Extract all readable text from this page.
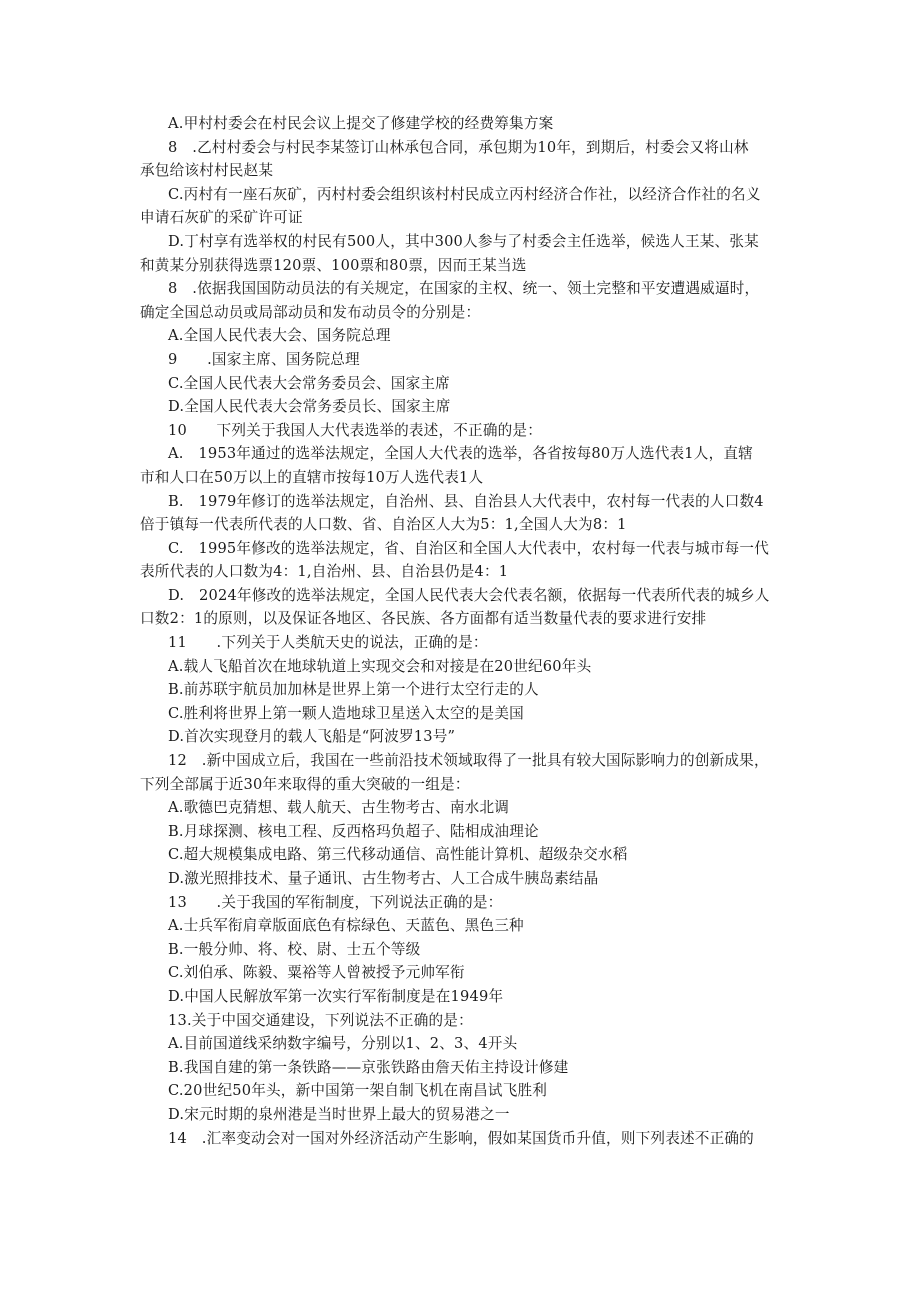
A.甲村村委会在村民会议上提交了修建学校的经费筹集方案
8　.乙村村委会与村民李某签订山林承包合同，承包期为10年，到期后，村委会又将山林
承包给该村村民赵某
C.丙村有一座石灰矿，丙村村委会组织该村村民成立丙村经济合作社，以经济合作社的名义
申请石灰矿的采矿许可证
D.丁村享有选举权的村民有500人，其中300人参与了村委会主任选举，候选人王某、张某
和黄某分别获得选票120票、100票和80票，因而王某当选
8　.依据我国国防动员法的有关规定，在国家的主权、统一、领土完整和平安遭遇威逼时，
确定全国总动员或局部动员和发布动员令的分别是：
A.全国人民代表大会、国务院总理
9　　.国家主席、国务院总理
C.全国人民代表大会常务委员会、国家主席
D.全国人民代表大会常务委员长、国家主席
10　　下列关于我国人大代表选举的表述，不正确的是：
A.　1953年通过的选举法规定，全国人大代表的选举，各省按每80万人选代表1人，直辖
市和人口在50万以上的直辖市按每10万人选代表1人
B.　1979年修订的选举法规定，自治州、县、自治县人大代表中，农村每一代表的人口数4
倍于镇每一代表所代表的人口数、省、自治区人大为5：1,全国人大为8：1
C.　1995年修改的选举法规定，省、自治区和全国人大代表中，农村每一代表与城市每一代
表所代表的人口数为4：1,自治州、县、自治县仍是4：1
D.　2024年修改的选举法规定，全国人民代表大会代表名额，依据每一代表所代表的城乡人
口数2：1的原则，以及保证各地区、各民族、各方面都有适当数量代表的要求进行安排
11　　.下列关于人类航天史的说法，正确的是：
A.载人飞船首次在地球轨道上实现交会和对接是在20世纪60年头
B.前苏联宇航员加加林是世界上第一个进行太空行走的人
C.胜利将世界上第一颗人造地球卫星送入太空的是美国
D.首次实现登月的载人飞船是“阿波罗13号”
12　.新中国成立后，我国在一些前沿技术领域取得了一批具有较大国际影响力的创新成果，
下列全部属于近30年来取得的重大突破的一组是：
A.歌德巴克猜想、载人航天、古生物考古、南水北调
B.月球探测、核电工程、反西格玛负超子、陆相成油理论
C.超大规模集成电路、第三代移动通信、高性能计算机、超级杂交水稻
D.激光照排技术、量子通讯、古生物考古、人工合成牛胰岛素结晶
13　　.关于我国的军衔制度，下列说法正确的是：
A.士兵军衔肩章版面底色有棕绿色、天蓝色、黑色三种
B.一般分帅、将、校、尉、士五个等级
C.刘伯承、陈毅、粟裕等人曾被授予元帅军衔
D.中国人民解放军第一次实行军衔制度是在1949年
13.关于中国交通建设，下列说法不正确的是：
A.目前国道线采纳数字编号，分别以1、2、3、4开头
B.我国自建的第一条铁路——京张铁路由詹天佑主持设计修建
C.20世纪50年头，新中国第一架自制飞机在南昌试飞胜利
D.宋元时期的泉州港是当时世界上最大的贸易港之一
14　.汇率变动会对一国对外经济活动产生影响，假如某国货币升值，则下列表述不正确的
